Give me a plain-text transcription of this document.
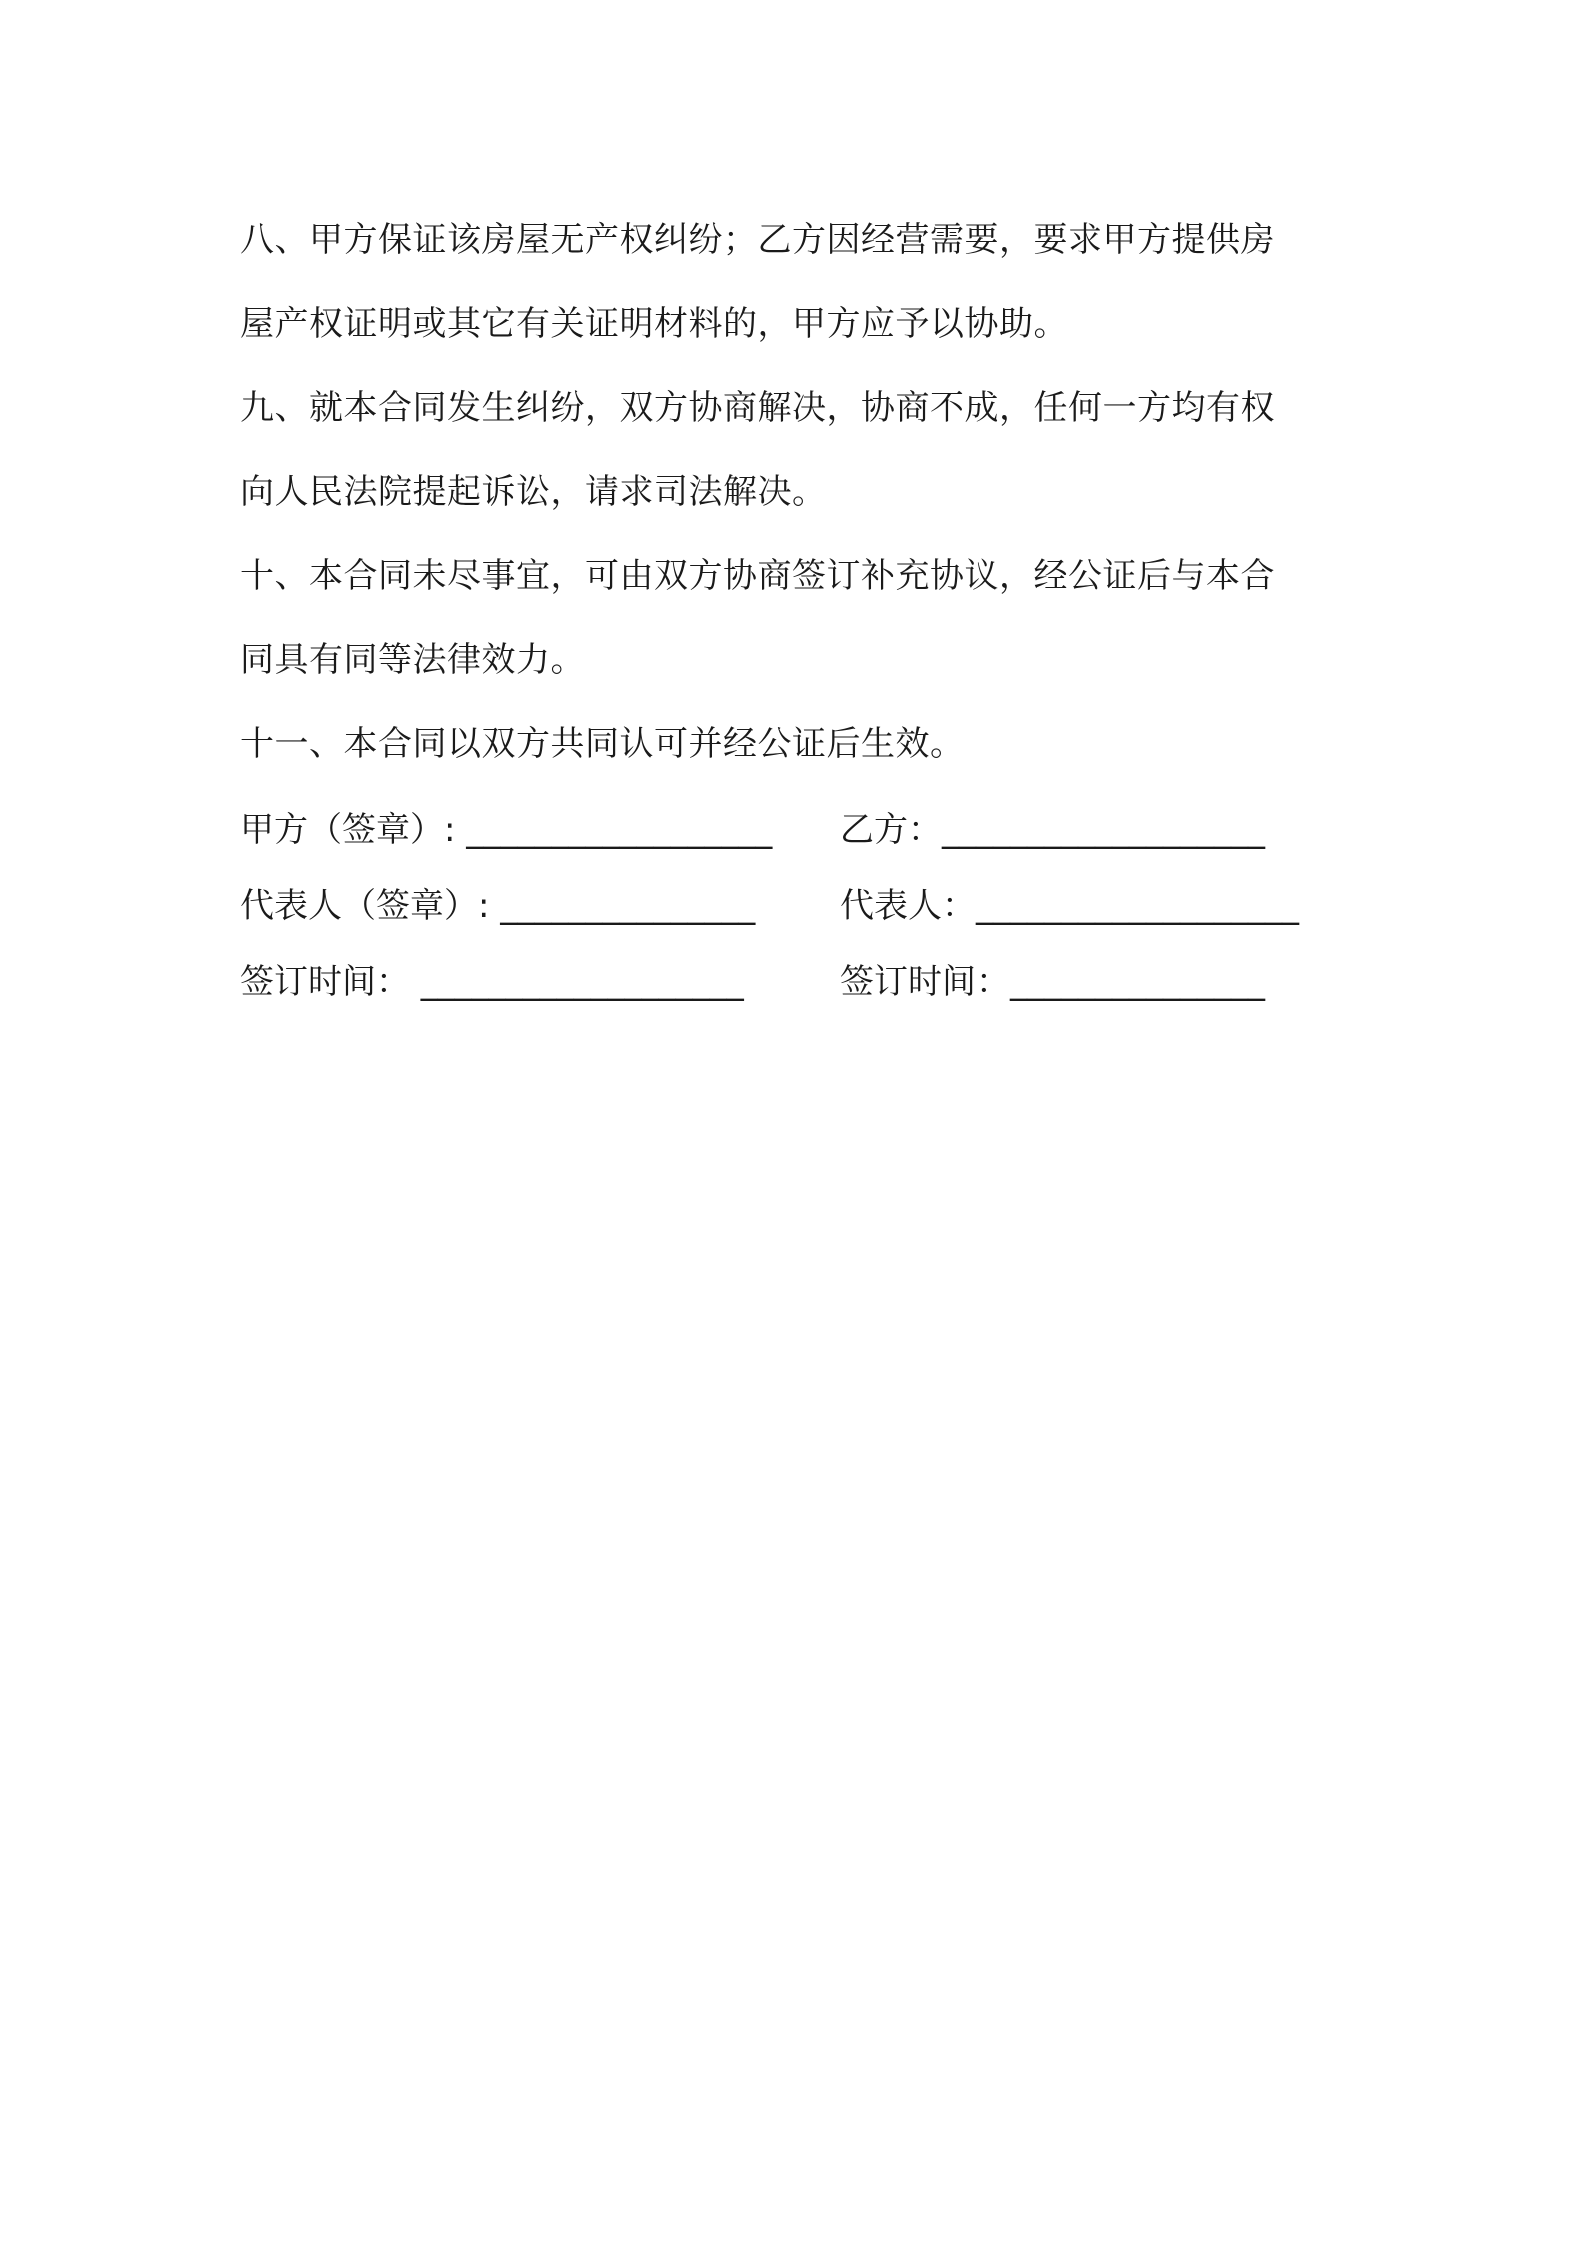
八、甲方保证该房屋无产权纠纷；乙方因经营需要，要求甲方提供房
屋产权证明或其它有关证明材料的，甲方应予以协助。
九、就本合同发生纠纷，双方协商解决，协商不成，任何一方均有权
向人民法院提起诉讼，请求司法解决。
十、本合同未尽事宜，可由双方协商签订补充协议，经公证后与本合
同具有同等法律效力。
十一、本合同以双方共同认可并经公证后生效。
甲方（签章）: __________________	乙方：___________________
代表人（签章）: _______________	代表人：___________________
签订时间： ___________________	签订时间：_______________
